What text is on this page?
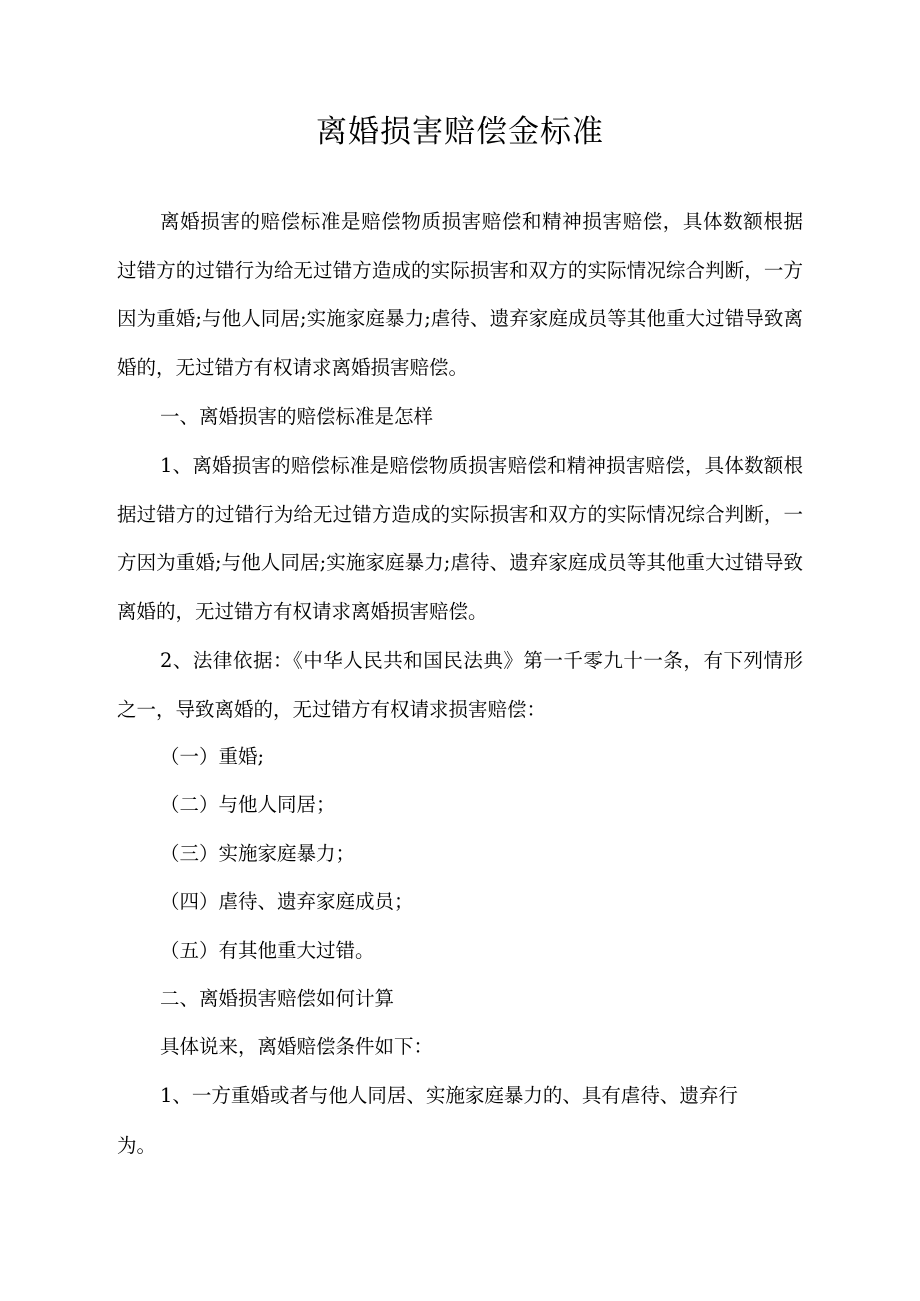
离婚损害赔偿金标准

离婚损害的赔偿标准是赔偿物质损害赔偿和精神损害赔偿，具体数额根据过错方的过错行为给无过错方造成的实际损害和双方的实际情况综合判断，一方因为重婚;与他人同居;实施家庭暴力;虐待、遗弃家庭成员等其他重大过错导致离婚的，无过错方有权请求离婚损害赔偿。

一、离婚损害的赔偿标准是怎样

1、离婚损害的赔偿标准是赔偿物质损害赔偿和精神损害赔偿，具体数额根据过错方的过错行为给无过错方造成的实际损害和双方的实际情况综合判断，一方因为重婚;与他人同居;实施家庭暴力;虐待、遗弃家庭成员等其他重大过错导致离婚的，无过错方有权请求离婚损害赔偿。

2、法律依据：《中华人民共和国民法典》第一千零九十一条，有下列情形之一，导致离婚的，无过错方有权请求损害赔偿：

（一）重婚;

（二）与他人同居；

（三）实施家庭暴力；

（四）虐待、遗弃家庭成员；

（五）有其他重大过错。

二、离婚损害赔偿如何计算

具体说来，离婚赔偿条件如下：

1、一方重婚或者与他人同居、实施家庭暴力的、具有虐待、遗弃行

为。
